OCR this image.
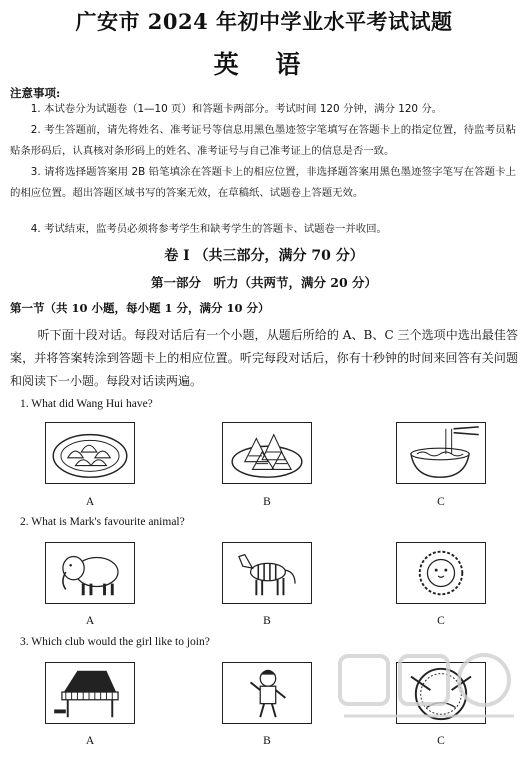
广安市 2024 年初中学业水平考试试题
英 语
注意事项:
1. 本试卷分为试题卷（1—10 页）和答题卡两部分。考试时间 120 分钟，满分 120 分。
2. 考生答题前，请先将姓名、准考证号等信息用黑色墨迹签字笔填写在答题卡上的指定位置，待监考员粘贴条形码后，认真核对条形码上的姓名、准考证号与自己准考证上的信息是否一致。
3. 请将选择题答案用 2B 铅笔填涂在答题卡上的相应位置，非选择题答案用黑色墨迹签字笔写在答题卡上的相应位置。超出答题区域书写的答案无效，在草稿纸、试题卷上答题无效。
4. 考试结束，监考员必须将参考学生和缺考学生的答题卡、试题卷一并收回。
卷 I （共三部分，满分 70 分）
第一部分　听力（共两节，满分 20 分）
第一节（共 10 小题，每小题 1 分，满分 10 分）
听下面十段对话。每段对话后有一个小题，从题后所给的 A、B、C 三个选项中选出最佳答案，并将答案转涂到答题卡上的相应位置。听完每段对话后，你有十秒钟的时间来回答有关问题和阅读下一小题。每段对话读两遍。
1. What did Wang Hui have?
A	B	C
2. What is Mark's favourite animal?
A	B	C
3. Which club would the girl like to join?
A	B	C
